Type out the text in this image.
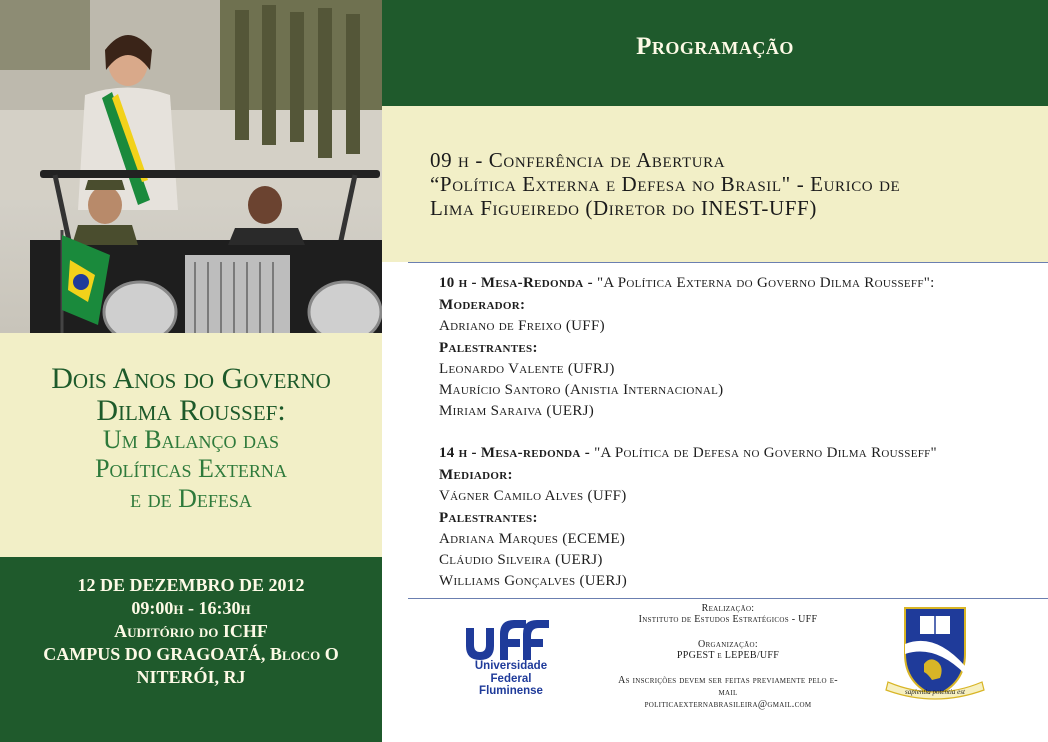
Dois Anos do Governo
Dilma Roussef:
Um Balanço das
Políticas Externa
e de Defesa
12 DE DEZEMBRO DE 2012
09:00h - 16:30h
Auditório do ICHF
CAMPUS DO GRAGOATÁ, Bloco O
NITERÓI, RJ
Programação
09 h - Conferência de Abertura
“Política Externa e Defesa no Brasil" - Eurico de
Lima Figueiredo (Diretor do INEST-UFF)
10 h - Mesa-Redonda - "A Política Externa do Governo Dilma Rousseff":
Moderador:
Adriano de Freixo (UFF)
Palestrantes:
Leonardo Valente (UFRJ)
Maurício Santoro (Anistia Internacional)
Miriam Saraiva (UERJ)
14 h - Mesa-redonda - "A Política de Defesa no Governo Dilma Rousseff"
Mediador:
Vágner Camilo Alves (UFF)
Palestrantes:
Adriana Marques (ECEME)
Cláudio Silveira (UERJ)
Williams Gonçalves (UERJ)
Universidade
Federal
Fluminense
Realização:
Instituto de Estudos Estratégicos - UFF
Organização:
PPGEST e LEPEB/UFF
As inscrições devem ser feitas previamente pelo e-
mail
politicaexternabrasileira@gmail.com
sapientia potentia est
